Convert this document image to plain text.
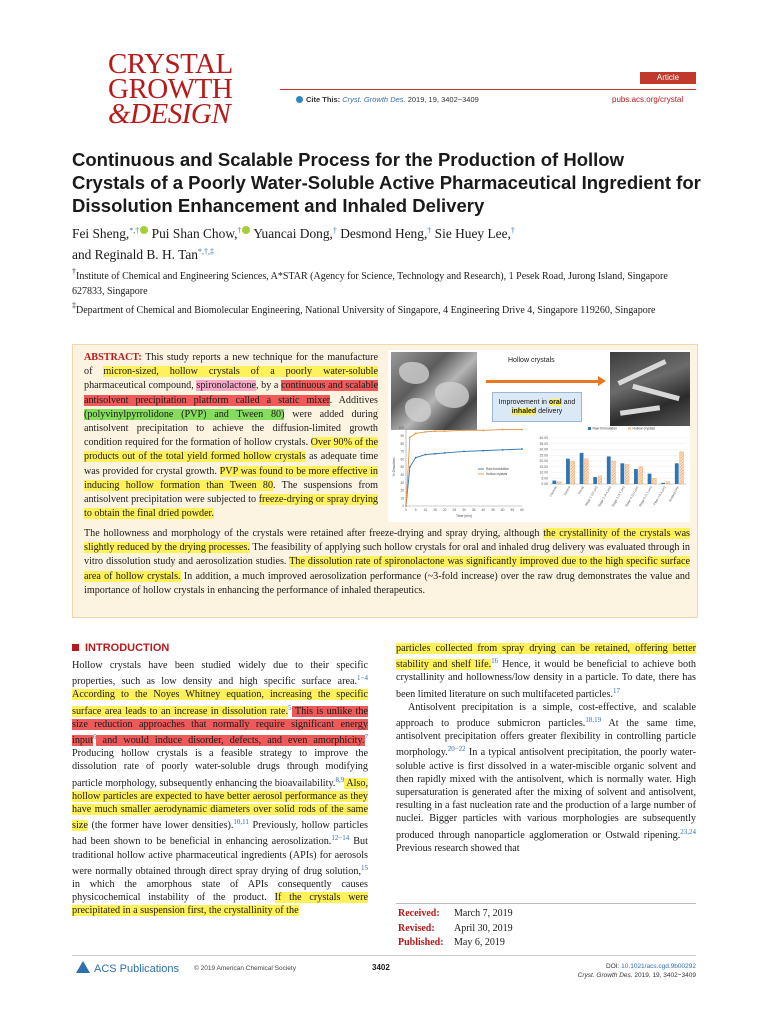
CRYSTAL
GROWTH
&DESIGN
Article
Cite This: Cryst. Growth Des. 2019, 19, 3402−3409	pubs.acs.org/crystal
Continuous and Scalable Process for the Production of Hollow Crystals of a Poorly Water-Soluble Active Pharmaceutical Ingredient for Dissolution Enhancement and Inhaled Delivery
Fei Sheng,*,† Pui Shan Chow,† Yuancai Dong,† Desmond Heng,† Sie Huey Lee,†
and Reginald B. H. Tan*,†,‡
†Institute of Chemical and Engineering Sciences, A*STAR (Agency for Science, Technology and Research), 1 Pesek Road, Jurong Island, Singapore 627833, Singapore
‡Department of Chemical and Biomolecular Engineering, National University of Singapore, 4 Engineering Drive 4, Singapore 119260, Singapore
ABSTRACT: This study reports a new technique for the manufacture of micron-sized, hollow crystals of a poorly water-soluble pharmaceutical compound, spironolactone, by a continuous and scalable antisolvent precipitation platform called a static mixer. Additives (polyvinylpyrrolidone (PVP) and Tween 80) were added during antisolvent precipitation to achieve the diffusion-limited growth condition required for the formation of hollow crystals. Over 90% of the products out of the total yield formed hollow crystals as adequate time was provided for crystal growth. PVP was found to be more effective in inducing hollow formation than Tween 80. The suspensions from antisolvent precipitation were subjected to freeze-drying or spray drying to obtain the final dried powder.
The hollowness and morphology of the crystals were retained after freeze-drying and spray drying, although the crystallinity of the crystals was slightly reduced by the drying processes. The feasibility of applying such hollow crystals for oral and inhaled drug delivery was evaluated through in vitro dissolution study and aerosolization studies. The dissolution rate of spironolactone was significantly improved due to the high specific surface area of hollow crystals. In addition, a much improved aerosolization performance (~3-fold increase) over the raw drug demonstrates the value and importance of hollow crystals in enhancing the performance of inhaled therapeutics.
Hollow crystals
Improvement in oral and
inhaled delivery
0
10
20
30
40
50
60
70
80
90
100
0 5 10 15 20 25 30 35 40 45 50 55 60
Time (min)
% Dissolved	Raw formulation
Hollow crystals
0.00
5.00
10.00
15.00
20.00
25.00
30.00
35.00
40.00
Capsule Device Throat Stage 1 (10 μm)
Stage 2 (4.4 μm)
Stage 3 (3.3 μm)
Stage 4 (2.0 μm)
Stage 5 (1.1 μm) Filter (<0.4 μm) Emitted FPF
Raw formulation	Hollow crystals
INTRODUCTION
Hollow crystals have been studied widely due to their specific properties, such as low density and high specific surface area.$^{1-4}$ According to the Noyes Whitney equation, increasing the specific surface area leads to an increase in dissolution rate.$^5$ This is unlike the size reduction approaches that normally require significant energy input$^6$ and would induce disorder, defects, and even amorphicity.$^7$ Producing hollow crystals is a feasible strategy to improve the dissolution rate of poorly water-soluble drugs through modifying particle morphology, subsequently enhancing the bioavailability.$^{8,9}$ Also, hollow particles are expected to have better aerosol performance as they have much smaller aerodynamic diameters over solid rods of the same size (the former have lower densities).$^{10,11}$ Previously, hollow particles had been shown to be beneficial in enhancing aerosolization.$^{12-14}$ But traditional hollow active pharmaceutical ingredients (APIs) for aerosols were normally obtained through direct spray drying of drug solution,$^{15}$ in which the amorphous state of APIs consequently causes physicochemical instability of the product. If the crystals were precipitated in a suspension first, the crystallinity of the

particles collected from spray drying can be retained, offering better stability and shelf life.$^{16}$ Hence, it would be beneficial to achieve both crystallinity and hollowness/low density in a particle. To date, there has been limited literature on such multifaceted particles.$^{17}$

Antisolvent precipitation is a simple, cost-effective, and scalable approach to produce submicron particles.$^{18,19}$ At the same time, antisolvent precipitation offers greater flexibility in controlling particle morphology.$^{20-22}$ In a typical antisolvent precipitation, the poorly water-soluble active is first dissolved in a water-miscible organic solvent and then rapidly mixed with the antisolvent, which is normally water. High supersaturation is generated after the mixing of solvent and antisolvent, resulting in a fast nucleation rate and the production of a large number of nuclei. Bigger particles with various morphologies are subsequently produced through nanoparticle agglomeration or Ostwald ripening.$^{23,24}$ Previous research showed that

Received: March 7, 2019
Revised: April 30, 2019
Published: May 6, 2019
ACS Publications © 2019 American Chemical Society	3402	DOI: 10.1021/acs.cgd.9b00292
Cryst. Growth Des. 2019, 19, 3402−3409
